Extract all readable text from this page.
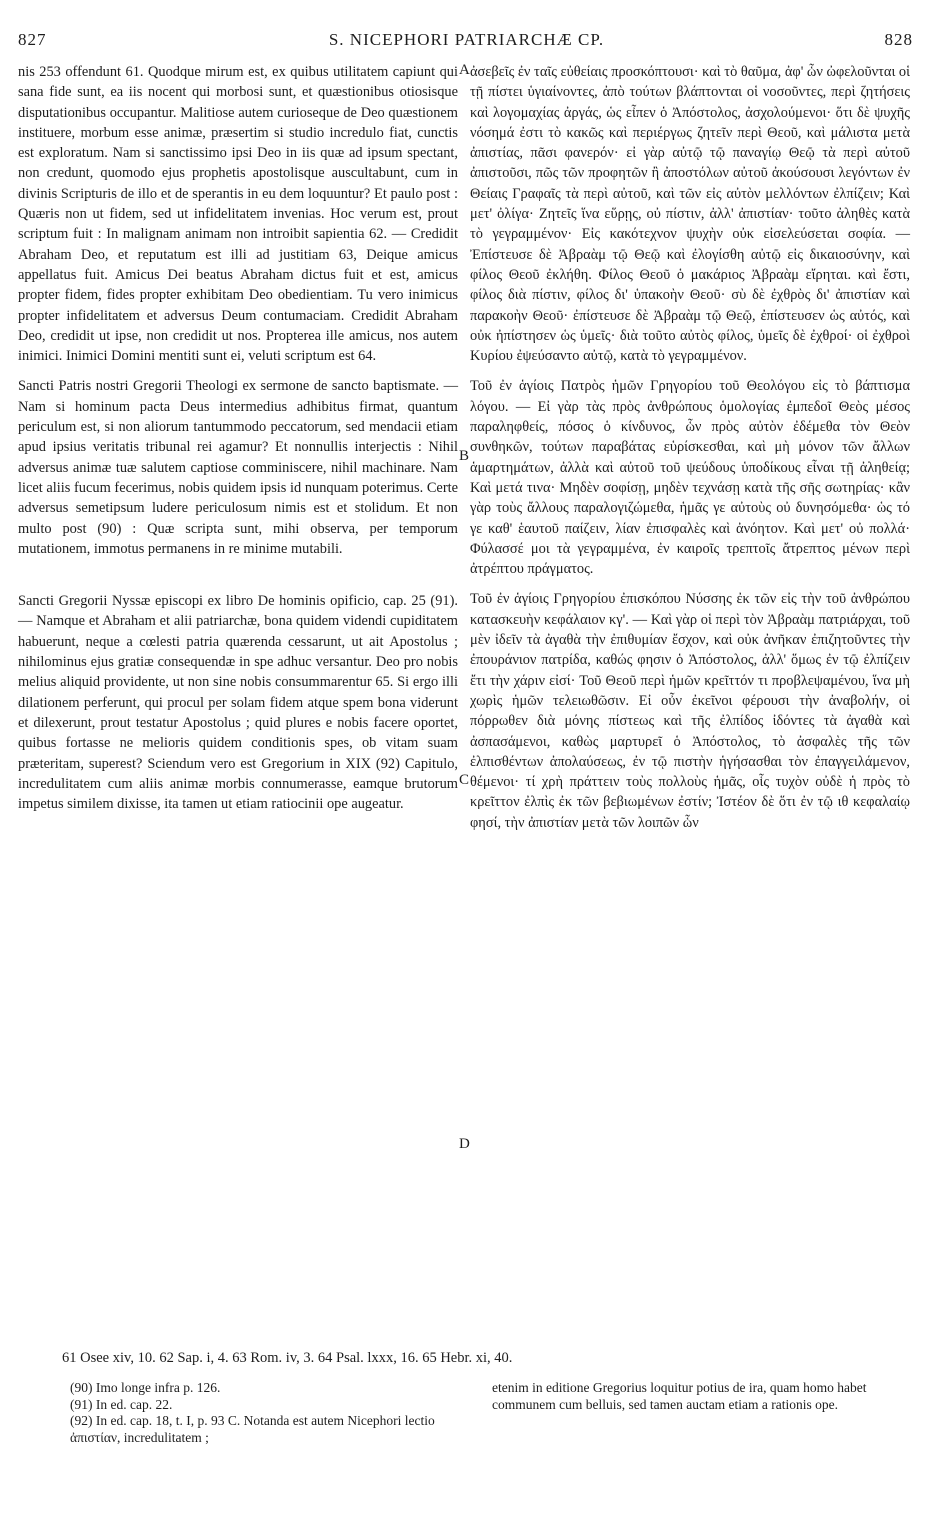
827	S. NICEPHORI PATRIARCHÆ CP.	828

nis 253 offendunt 61. Quodque mirum est, ex quibus utilitatem capiunt qui sana fide sunt, ea iis nocent qui morbosi sunt, et quæstionibus otiosisque disputationibus occupantur. Malitiose autem curioseque de Deo quæstionem instituere, morbum esse animæ, præsertim si studio incredulo fiat, cunctis est exploratum. Nam si sanctissimo ipsi Deo in iis quæ ad ipsum spectant, non credunt, quomodo ejus prophetis apostolisque auscultabunt, cum in divinis Scripturis de illo et de sperantis in eu dem loquuntur? Et paulo post : Quæris non ut fidem, sed ut infidelitatem invenias. Hoc verum est, prout scriptum fuit : In malignam animam non introibit sapientia 62. — Credidit Abraham Deo, et reputatum est illi ad justitiam 63, Deique amicus appellatus fuit. Amicus Dei beatus Abraham dictus fuit et est, amicus propter fidem, fides propter exhibitam Deo obedientiam. Tu vero inimicus propter infidelitatem et adversus Deum contumaciam. Credidit Abraham Deo, credidit ut ipse, non credidit ut nos. Propterea ille amicus, nos autem inimici. Inimici Domini mentiti sunt ei, veluti scriptum est 64.

Sancti Patris nostri Gregorii Theologi ex sermone de sancto baptismate. — Nam si hominum pacta Deus intermedius adhibitus firmat, quantum periculum est, si non aliorum tantummodo peccatorum, sed mendacii etiam apud ipsius veritatis tribunal rei agamur? Et nonnullis interjectis : Nihil adversus animæ tuæ salutem captiose comminiscere, nihil machinare. Nam licet aliis fucum fecerimus, nobis quidem ipsis id nunquam poterimus. Certe adversus semetipsum ludere periculosum nimis est et stolidum. Et non multo post (90) : Quæ scripta sunt, mihi observa, per temporum mutationem, immotus permanens in re minime mutabili.

Sancti Gregorii Nyssæ episcopi ex libro De hominis opificio, cap. 25 (91). — Namque et Abraham et alii patriarchæ, bona quidem videndi cupiditatem habuerunt, neque a cœlesti patria quærenda cessarunt, ut ait Apostolus ; nihilominus ejus gratiæ consequendæ in spe adhuc versantur. Deo pro nobis melius aliquid providente, ut non sine nobis consummarentur 65. Si ergo illi dilationem perferunt, qui procul per solam fidem atque spem bona viderunt et dilexerunt, prout testatur Apostolus ; quid plures e nobis facere oportet, quibus fortasse ne melioris quidem conditionis spes, ob vitam suam præteritam, superest? Sciendum vero est Gregorium in XIX (92) Capitulo, incredulitatem cum aliis animæ morbis connumerasse, eamque brutorum impetus similem dixisse, ita tamen ut etiam ratiocinii ope augeatur.

A
B
C
D

ἀσεβεῖς ἐν ταῖς εὐθείαις προσκόπτουσι· καὶ τὸ θαῦμα, ἀφ' ὧν ὠφελοῦνται οἱ τῇ πίστει ὑγιαίνοντες, ἀπὸ τούτων βλάπτονται οἱ νοσοῦντες, περὶ ζητήσεις καὶ λογομαχίας ἀργάς, ὡς εἶπεν ὁ Ἀπόστολος, ἀσχολούμενοι· ὅτι δὲ ψυχῆς νόσημά ἐστι τὸ κακῶς καὶ περιέργως ζητεῖν περὶ Θεοῦ, καὶ μάλιστα μετὰ ἀπιστίας, πᾶσι φανερόν· εἰ γὰρ αὐτῷ τῷ παναγίῳ Θεῷ τὰ περὶ αὐτοῦ ἀπιστοῦσι, πῶς τῶν προφητῶν ἢ ἀποστόλων αὐτοῦ ἀκούσουσι λεγόντων ἐν Θείαις Γραφαῖς τὰ περὶ αὐτοῦ, καὶ τῶν εἰς αὐτὸν μελλόντων ἐλπίζειν; Καὶ μετ' ὀλίγα· Ζητεῖς ἵνα εὕρῃς, οὐ πίστιν, ἀλλ' ἀπιστίαν· τοῦτο ἀληθὲς κατὰ τὸ γεγραμμένον· Εἰς κακότεχνον ψυχὴν οὐκ εἰσελεύσεται σοφία. — Ἐπίστευσε δὲ Ἀβραὰμ τῷ Θεῷ καὶ ἐλογίσθη αὐτῷ εἰς δικαιοσύνην, καὶ φίλος Θεοῦ ἐκλήθη. Φίλος Θεοῦ ὁ μακάριος Ἀβραὰμ εἴρηται. καὶ ἔστι, φίλος διὰ πίστιν, φίλος δι' ὑπακοὴν Θεοῦ· σὺ δὲ ἐχθρὸς δι' ἀπιστίαν καὶ παρακοὴν Θεοῦ· ἐπίστευσε δὲ Ἀβραὰμ τῷ Θεῷ, ἐπίστευσεν ὡς αὐτός, καὶ οὐκ ἠπίστησεν ὡς ὑμεῖς· διὰ τοῦτο αὐτὸς φίλος, ὑμεῖς δὲ ἐχθροί· οἱ ἐχθροὶ Κυρίου ἐψεύσαντο αὐτῷ, κατὰ τὸ γεγραμμένον.

Τοῦ ἐν ἁγίοις Πατρὸς ἡμῶν Γρηγορίου τοῦ Θεολόγου εἰς τὸ βάπτισμα λόγου. — Εἰ γὰρ τὰς πρὸς ἀνθρώπους ὁμολογίας ἐμπεδοῖ Θεὸς μέσος παραληφθείς, πόσος ὁ κίνδυνος, ὧν πρὸς αὐτὸν ἐδέμεθα τὸν Θεὸν συνθηκῶν, τούτων παραβάτας εὑρίσκεσθαι, καὶ μὴ μόνον τῶν ἄλλων ἁμαρτημάτων, ἀλλὰ καὶ αὐτοῦ τοῦ ψεύδους ὑποδίκους εἶναι τῇ ἀληθείᾳ; Καὶ μετά τινα· Μηδὲν σοφίσῃ, μηδὲν τεχνάσῃ κατὰ τῆς σῆς σωτηρίας· κἂν γὰρ τοὺς ἄλλους παραλογιζώμεθα, ἡμᾶς γε αὐτοὺς οὐ δυνησόμεθα· ὡς τό γε καθ' ἑαυτοῦ παίζειν, λίαν ἐπισφαλὲς καὶ ἀνόητον. Καὶ μετ' οὐ πολλά· Φύλασσέ μοι τὰ γεγραμμένα, ἐν καιροῖς τρεπτοῖς ἄτρεπτος μένων περὶ ἀτρέπτου πράγματος.

Τοῦ ἐν ἁγίοις Γρηγορίου ἐπισκόπου Νύσσης ἐκ τῶν εἰς τὴν τοῦ ἀνθρώπου κατασκευὴν κεφάλαιον κγ'. — Καὶ γὰρ οἱ περὶ τὸν Ἀβραὰμ πατριάρχαι, τοῦ μὲν ἰδεῖν τὰ ἀγαθὰ τὴν ἐπιθυμίαν ἔσχον, καὶ οὐκ ἀνῆκαν ἐπιζητοῦντες τὴν ἐπουράνιον πατρίδα, καθώς φησιν ὁ Ἀπόστολος, ἀλλ' ὅμως ἐν τῷ ἐλπίζειν ἔτι τὴν χάριν εἰσί· Τοῦ Θεοῦ περὶ ἡμῶν κρεῖττόν τι προβλεψαμένου, ἵνα μὴ χωρὶς ἡμῶν τελειωθῶσιν. Εἰ οὖν ἐκεῖνοι φέρουσι τὴν ἀναβολήν, οἱ πόρρωθεν διὰ μόνης πίστεως καὶ τῆς ἐλπίδος ἰδόντες τὰ ἀγαθὰ καὶ ἀσπασάμενοι, καθὼς μαρτυρεῖ ὁ Ἀπόστολος, τὸ ἀσφαλὲς τῆς τῶν ἐλπισθέντων ἀπολαύσεως, ἐν τῷ πιστὴν ἡγήσασθαι τὸν ἐπαγγειλάμενον, θέμενοι· τί χρὴ πράττειν τοὺς πολλοὺς ἡμᾶς, οἷς τυχὸν οὐδὲ ἡ πρὸς τὸ κρεῖττον ἐλπὶς ἐκ τῶν βεβιωμένων ἐστίν; Ἰστέον δὲ ὅτι ἐν τῷ ιθ κεφαλαίῳ φησί, τὴν ἀπιστίαν μετὰ τῶν λοιπῶν ὧν

61 Osee xiv, 10. 62 Sap. i, 4. 63 Rom. iv, 3. 64 Psal. lxxx, 16. 65 Hebr. xi, 40.

(90) Imo longe infra p. 126.

(91) In ed. cap. 22.

(92) In ed. cap. 18, t. I, p. 93 C. Notanda est autem Nicephori lectio ἀπιστίαν, incredulitatem ;

etenim in editione Gregorius loquitur potius de ira, quam homo habet communem cum belluis, sed tamen auctam etiam a rationis ope.
